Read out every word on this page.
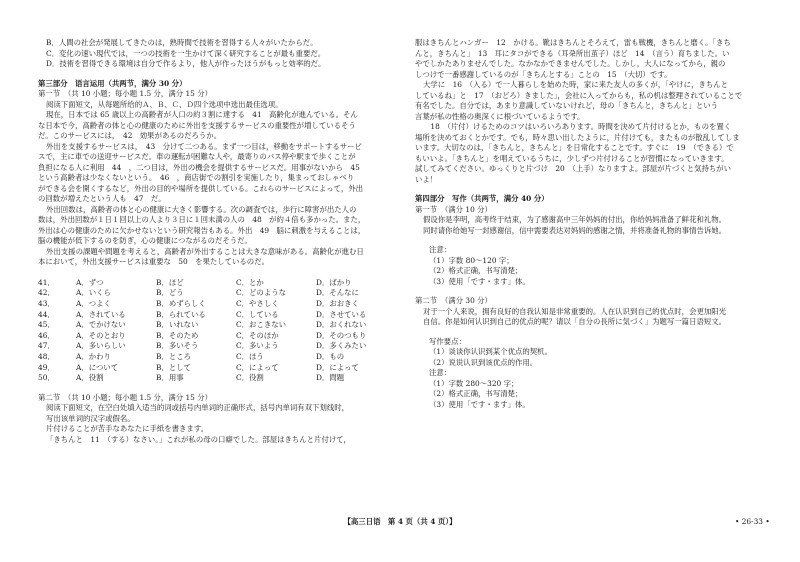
B．人間の社会が発展してきたのは，熟時間で技術を習得する人々がいたからだ。
C．変化の速い現代では，一つの技術を一生かけて深く研究することが最も重要だ。
D．技術を習得できる環境は自分で作るより，他人が作ったほうがもっと効率的だ。
第三部分　语言运用（共两节，满分 30 分）
第一节　（共 10 小题；每小题 1.5 分，满分 15 分）
阅读下面短文，从每题所给的Ａ、Ｂ、Ｃ、Ｄ四个选项中选出最佳选项。
現在，日本では 65 歳以上の高齢者が人口の約３割に達する　41　高齢化が進んでいる。そん
な日本で今，高齢者の体と心の健康のために外出を支援するサービスの重要性が増しているそう
だ。このサービスには，　42　効果があるのだろうか。
外出を支援するサービスは，　43　分けて二つある。まず一つ目は，移動をサポートするサービ
スで，主に車での送迎サービスだ。車の運転が困難な人や，最寄りのバス停や駅まで歩くことが
負担になる人に利用　44　，二つ目は，外出の機会を提供するサービスだ。用事がないから　45
という高齢者は少なくないという。　46　，商店街での割引を実施したり，集まっておしゃべり
ができる会を開くするなど，外出の目的や場所を提供している。これらのサービスによって，外出
の回数が増えたという人も　47　だ。
外出回数は，高齢者の体と心の健康に大きく影響する。次の調査では，歩行に障害が出た人の
数は，外出回数が１日１回以上の人より３日に１回未満の人の　48　が約４倍も多かった。また，
外出は心の健康のために欠かせないという研究報告もある。外出　49　脳に刺激を与えることは，
脳の機能が低下するのを防ぎ，心の健康につながるのだそうだ。
外出支援の課題や問題を考えると，高齢者が外出することは大きな意味がある。高齢化が進む日
本において，外出支援サービスは重要な　50　を果たしているのだ。
41．	A．ずつ	B．ほど	C．とか	D．ばかり
42．	A．いくら	B．どう	C．どのような	D．そんなに
43．	A．つよく	B．めずらしく	C．やさしく	D．おおきく
44．	A．されている	B．られている	C．している	D．させている
45．	A．でかけない	B．いれない	C．おこきない	D．おくれない
46．	A．そのとおり	B．そのため	C．そのほか	D．そのつもり
47．	A．多いらしい	B．多いそう	C．多いよう	D．多くみたい
48．	A．かわり	B．ところ	C．ほう	D．もの
49．	A．について	B．として	C．によって	D．によって
50．	A．役割	B．用事	C．役割	D．問題
第二节　（共 10 小题；每小题 1.5 分，满分 15 分）
阅读下面短文，在空白处填入适当的词或括号内单词的正确形式，括号内单词有双下划线时，
写出该单词的汉字或假名。
片付けることが苦手なあなたに手紙を書きます。
「きちんと　11　（する）なさい。」これが私の母の口癖でした。部屋はきちんと片付けて，
服はきちんとハンガー　12　かける。靴はきちんとそろえて，雷も戦機，きちんと磨く。「きち
んと，きちんと」　13　耳にタコができる（耳朶所出茧子）ほど　14　（言う）育ちました。い
やでしかたありませんでした。なかなかできませんでした。しかし，大人になってから，親の
しつけで一番感謝しているのが「きちんとする」ことの　15　（大切）です。
大学に　16　（入る）で一人暮らしを始めた時，家に来た友人の多くが，「やけに，きちんと
しているね」と　17　（おどろ）きました」，会社に入ってからも，私の机は整理されていることで
有名でした。自分では，あまり意識していないけれど，母の「きちんと，きちんと」という
言葉が私の性格の奥深くに根づいているようです。
　18　（片付）けるためのコツはいろいろあります。時間を決めて片付けるとか，ものを置く
場所を決めておくとかです。でも，時々思い出したように，片付けても，またものが散乱してしま
います。大切なのは，「きちんと，きちんと」を日常化することです。すぐに　19　（できる）で
もいいよ。「きちんと」を唱えているうちに，少しずつ片付けることが習慣になっていきます。
試してみてください。ゆっくりと片づけ　20　（上手）なりますよ。部屋が片づくと気持ちがい
いよ！
第四部分　写作（共两节，满分 40 分）
第一节　（满分 10 分）
假设你是李明，高考终于结束，为了感谢高中三年妈妈的付出，你给妈妈准备了鲜花和礼物。
同时请你给她写一封感谢信，信中需要表达对妈妈的感谢之情，并将准备礼物的事情告诉她。
注意：
（1）字数 80～120 字；
（2）格式正确，书写清楚；
（3）使用「です・ます」体。
第二节　（满分 30 分）
对于一个人来说，拥有良好的自我认知是非常重要的。人在认识到自己的优点时，会更加阳光
自信。你是如何认识到自己的优点的呢？请以「自分の長所に気づく」为题写一篇日语短文。
写作要点：
（1）谈谈你认识到某个优点的契机。
（2）说说认识到该优点的作用。
注意：
（1）字数 280～320 字；
（2）格式正确，书写清楚；
（3）使用「です・ます」体。
【高三日语　第 4 页（共 4 页）】	• 26-33 •
